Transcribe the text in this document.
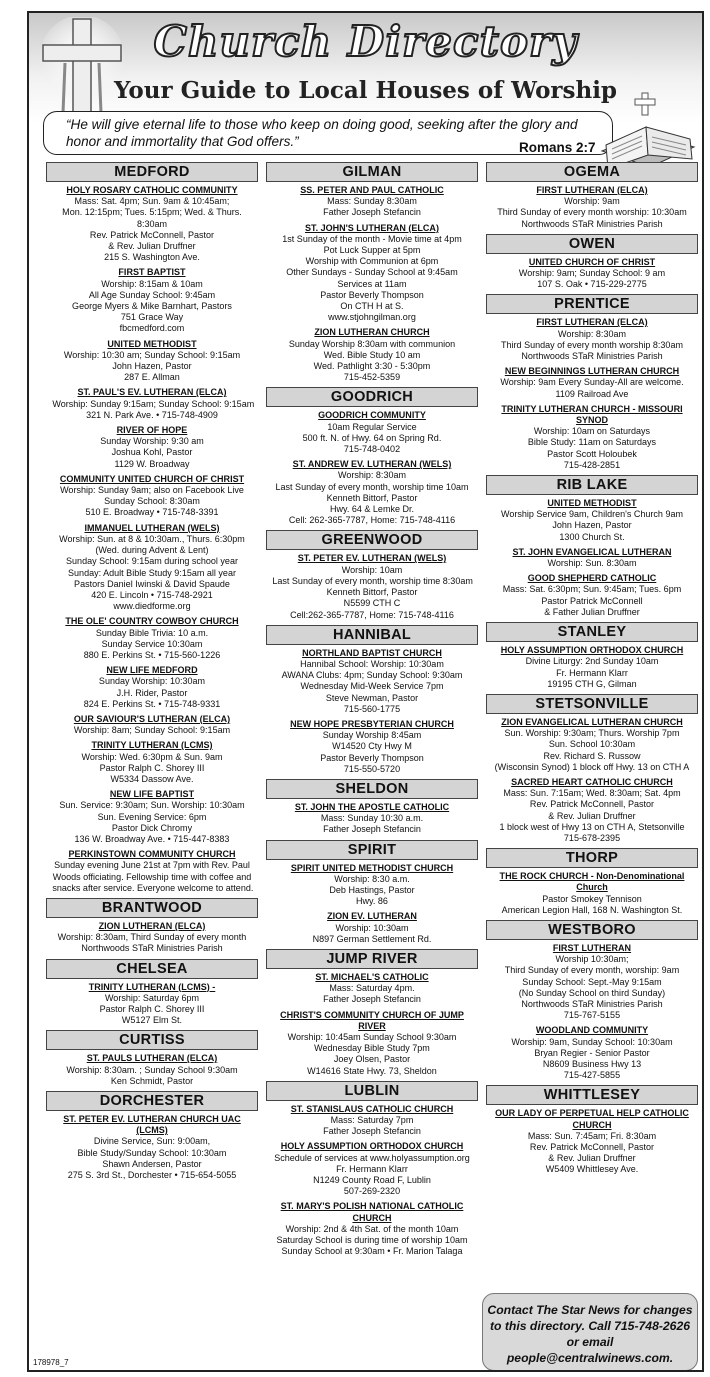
Church Directory
Your Guide to Local Houses of Worship
“He will give eternal life to those who keep on doing good, seeking after the glory and honor and immortality that God offers.”	Romans 2:7
MEDFORD
HOLY ROSARY CATHOLIC COMMUNITY
Mass: Sat. 4pm; Sun. 9am & 10:45am;
Mon. 12:15pm; Tues. 5:15pm; Wed. & Thurs. 8:30am
Rev. Patrick McConnell, Pastor
& Rev. Julian Druffner
215 S. Washington Ave.
FIRST BAPTIST
Worship: 8:15am & 10am
All Age Sunday School: 9:45am
George Myers & Mike Barnhart, Pastors
751 Grace Way
fbcmedford.com
UNITED METHODIST
Worship: 10:30 am; Sunday School: 9:15am
John Hazen, Pastor
287 E. Allman
ST. PAUL'S EV. LUTHERAN (ELCA)
Worship: Sunday 9:15am; Sunday School: 9:15am
321 N. Park Ave. • 715-748-4909
RIVER OF HOPE
Sunday Worship: 9:30 am
Joshua Kohl, Pastor
1129 W. Broadway
COMMUNITY UNITED CHURCH OF CHRIST
Worship: Sunday 9am; also on Facebook Live
Sunday School: 8:30am
510 E. Broadway • 715-748-3391
IMMANUEL LUTHERAN (WELS)
Worship: Sun. at 8 & 10:30am., Thurs. 6:30pm
(Wed. during Advent & Lent)
Sunday School: 9:15am during school year
Sunday: Adult Bible Study 9:15am all year
Pastors Daniel Iwinski & David Spaude
420 E. Lincoln • 715-748-2921
www.diedforme.org
THE OLE' COUNTRY COWBOY CHURCH
Sunday Bible Trivia: 10 a.m.
Sunday Service 10:30am
880 E. Perkins St. • 715-560-1226
NEW LIFE MEDFORD
Sunday Worship: 10:30am
J.H. Rider, Pastor
824 E. Perkins St. • 715-748-9331
OUR SAVIOUR'S LUTHERAN (ELCA)
Worship: 8am; Sunday School: 9:15am
TRINITY LUTHERAN (LCMS)
Worship: Wed. 6:30pm & Sun. 9am
Pastor Ralph C. Shorey III
W5334 Dassow Ave.
NEW LIFE BAPTIST
Sun. Service: 9:30am; Sun. Worship: 10:30am
Sun. Evening Service: 6pm
Pastor Dick Chromy
136 W. Broadway Ave. • 715-447-8383
PERKINSTOWN COMMUNITY CHURCH
Sunday evening June 21st at 7pm with Rev. Paul
Woods officiating. Fellowship time with coffee and
snacks after service. Everyone welcome to attend.
BRANTWOOD
ZION LUTHERAN (ELCA)
Worship: 8:30am, Third Sunday of every month
Northwoods STaR Ministries Parish
CHELSEA
TRINITY LUTHERAN (LCMS) -
Worship: Saturday 6pm
Pastor Ralph C. Shorey III
W5127 Elm St.
CURTISS
ST. PAULS LUTHERAN (ELCA)
Worship: 8:30am. ; Sunday School 9:30am
Ken Schmidt, Pastor
DORCHESTER
ST. PETER EV. LUTHERAN CHURCH UAC (LCMS)
Divine Service, Sun: 9:00am,
Bible Study/Sunday School: 10:30am
Shawn Andersen, Pastor
275 S. 3rd St., Dorchester • 715-654-5055
GILMAN
SS. PETER AND PAUL CATHOLIC
Mass: Sunday 8:30am
Father Joseph Stefancin
ST. JOHN'S LUTHERAN (ELCA)
1st Sunday of the month - Movie time at 4pm
Pot Luck Supper at 5pm
Worship with Communion at 6pm
Other Sundays - Sunday School at 9:45am
Services at 11am
Pastor Beverly Thompson
On CTH H at S.
www.stjohngilman.org
ZION LUTHERAN CHURCH
Sunday Worship 8:30am with communion
Wed. Bible Study 10 am
Wed. Pathlight 3:30 - 5:30pm
715-452-5359
GOODRICH
GOODRICH COMMUNITY
10am Regular Service
500 ft. N. of Hwy. 64 on Spring Rd.
715-748-0402
ST. ANDREW EV. LUTHERAN (WELS)
Worship: 8:30am
Last Sunday of every month, worship time 10am
Kenneth Bittorf, Pastor
Hwy. 64 & Lemke Dr.
Cell: 262-365-7787, Home: 715-748-4116
GREENWOOD
ST. PETER EV. LUTHERAN (WELS)
Worship: 10am
Last Sunday of every month, worship time 8:30am
Kenneth Bittorf, Pastor
N5599 CTH C
Cell:262-365-7787, Home: 715-748-4116
HANNIBAL
NORTHLAND BAPTIST CHURCH
Hannibal School: Worship: 10:30am
AWANA Clubs: 4pm; Sunday School: 9:30am
Wednesday Mid-Week Service 7pm
Steve Newman, Pastor
715-560-1775
NEW HOPE PRESBYTERIAN CHURCH
Sunday Worship 8:45am
W14520 Cty Hwy M
Pastor Beverly Thompson
715-550-5720
SHELDON
ST. JOHN THE APOSTLE CATHOLIC
Mass: Sunday 10:30 a.m.
Father Joseph Stefancin
SPIRIT
SPIRIT UNITED METHODIST CHURCH
Worship: 8:30 a.m.
Deb Hastings, Pastor
Hwy. 86
ZION EV. LUTHERAN
Worship: 10:30am
N897 German Settlement Rd.
JUMP RIVER
ST. MICHAEL'S CATHOLIC
Mass: Saturday 4pm.
Father Joseph Stefancin
CHRIST'S COMMUNITY CHURCH OF JUMP RIVER
Worship: 10:45am Sunday School 9:30am
Wednesday Bible Study 7pm
Joey Olsen, Pastor
W14616 State Hwy. 73, Sheldon
LUBLIN
ST. STANISLAUS CATHOLIC CHURCH
Mass: Saturday 7pm
Father Joseph Stefancin
HOLY ASSUMPTION ORTHODOX CHURCH
Schedule of services at www.holyassumption.org
Fr. Hermann Klarr
N1249 County Road F, Lublin
507-269-2320
ST. MARY'S POLISH NATIONAL CATHOLIC CHURCH
Worship: 2nd & 4th Sat. of the month 10am
Saturday School is during time of worship 10am
Sunday School at 9:30am • Fr. Marion Talaga
OGEMA
FIRST LUTHERAN (ELCA)
Worship: 9am
Third Sunday of every month worship: 10:30am
Northwoods STaR Ministries Parish
OWEN
UNITED CHURCH OF CHRIST
Worship: 9am; Sunday School: 9 am
107 S. Oak • 715-229-2775
PRENTICE
FIRST LUTHERAN (ELCA)
Worship: 8:30am
Third Sunday of every month worship 8:30am
Northwoods STaR Ministries Parish
NEW BEGINNINGS LUTHERAN CHURCH
Worship: 9am Every Sunday-All are welcome.
1109 Railroad Ave
TRINITY LUTHERAN CHURCH - MISSOURI SYNOD
Worship: 10am on Saturdays
Bible Study: 11am on Saturdays
Pastor Scott Holoubek
715-428-2851
RIB LAKE
UNITED METHODIST
Worship Service 9am, Children's Church 9am
John Hazen, Pastor
1300 Church St.
ST. JOHN EVANGELICAL LUTHERAN
Worship: Sun. 8:30am
GOOD SHEPHERD CATHOLIC
Mass: Sat. 6:30pm; Sun. 9:45am; Tues. 6pm
Pastor Patrick McConnell
& Father Julian Druffner
STANLEY
HOLY ASSUMPTION ORTHODOX CHURCH
Divine Liturgy: 2nd Sunday 10am
Fr. Hermann Klarr
19195 CTH G, Gilman
STETSONVILLE
ZION EVANGELICAL LUTHERAN CHURCH
Sun. Worship: 9:30am; Thurs. Worship 7pm
Sun. School 10:30am
Rev. Richard S. Russow
(Wisconsin Synod) 1 block off Hwy. 13 on CTH A
SACRED HEART CATHOLIC CHURCH
Mass: Sun. 7:15am; Wed. 8:30am; Sat. 4pm
Rev. Patrick McConnell, Pastor
& Rev. Julian Druffner
1 block west of Hwy 13 on CTH A, Stetsonville
715-678-2395
THORP
THE ROCK CHURCH - Non-Denominational Church
Pastor Smokey Tennison
American Legion Hall, 168 N. Washington St.
WESTBORO
FIRST LUTHERAN
Worship 10:30am;
Third Sunday of every month, worship: 9am
Sunday School: Sept.-May 9:15am
(No Sunday School on third Sunday)
Northwoods STaR Ministries Parish
715-767-5155
WOODLAND COMMUNITY
Worship: 9am, Sunday School: 10:30am
Bryan Regier - Senior Pastor
N8609 Business Hwy 13
715-427-5855
WHITTLESEY
OUR LADY OF PERPETUAL HELP CATHOLIC CHURCH
Mass: Sun. 7:45am; Fri. 8:30am
Rev. Patrick McConnell, Pastor
& Rev. Julian Druffner
W5409 Whittlesey Ave.
Contact The Star News for changes to this directory. Call 715-748-2626 or email people@centralwinews.com.
178978_7
